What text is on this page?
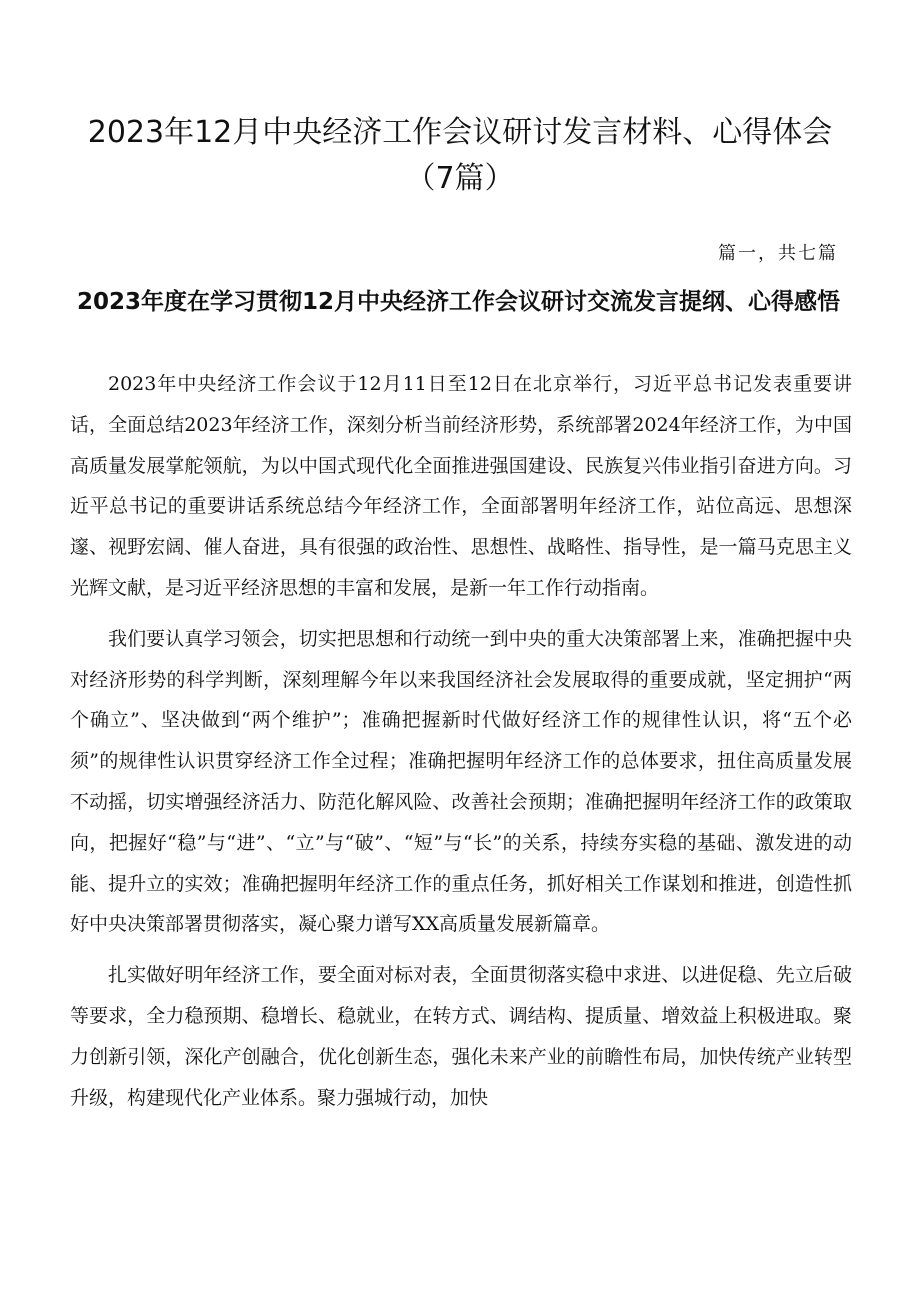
2023年12月中央经济工作会议研讨发言材料、心得体会（7篇）
篇一，共七篇
2023年度在学习贯彻12月中央经济工作会议研讨交流发言提纲、心得感悟

2023年中央经济工作会议于12月11日至12日在北京举行，习近平总书记发表重要讲话，全面总结2023年经济工作，深刻分析当前经济形势，系统部署2024年经济工作，为中国高质量发展掌舵领航，为以中国式现代化全面推进强国建设、民族复兴伟业指引奋进方向。习近平总书记的重要讲话系统总结今年经济工作，全面部署明年经济工作，站位高远、思想深邃、视野宏阔、催人奋进，具有很强的政治性、思想性、战略性、指导性，是一篇马克思主义光辉文献，是习近平经济思想的丰富和发展，是新一年工作行动指南。

我们要认真学习领会，切实把思想和行动统一到中央的重大决策部署上来，准确把握中央对经济形势的科学判断，深刻理解今年以来我国经济社会发展取得的重要成就，坚定拥护“两个确立”、坚决做到“两个维护”；准确把握新时代做好经济工作的规律性认识，将“五个必须”的规律性认识贯穿经济工作全过程；准确把握明年经济工作的总体要求，扭住高质量发展不动摇，切实增强经济活力、防范化解风险、改善社会预期；准确把握明年经济工作的政策取向，把握好“稳”与“进”、“立”与“破”、“短”与“长”的关系，持续夯实稳的基础、激发进的动能、提升立的实效；准确把握明年经济工作的重点任务，抓好相关工作谋划和推进，创造性抓好中央决策部署贯彻落实，凝心聚力谱写XX高质量发展新篇章。

扎实做好明年经济工作，要全面对标对表，全面贯彻落实稳中求进、以进促稳、先立后破等要求，全力稳预期、稳增长、稳就业，在转方式、调结构、提质量、增效益上积极进取。聚力创新引领，深化产创融合，优化创新生态，强化未来产业的前瞻性布局，加快传统产业转型升级，构建现代化产业体系。聚力强城行动，加快
